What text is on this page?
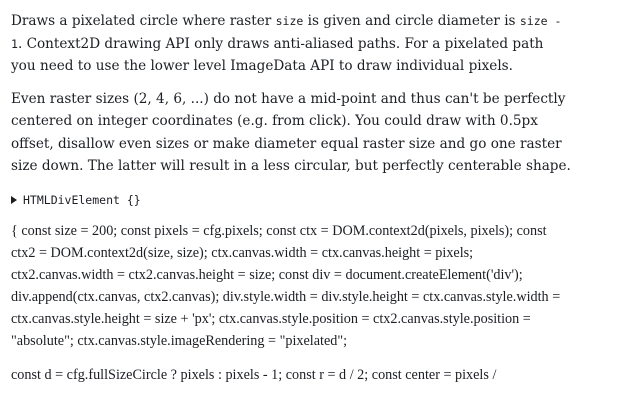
Draws a pixelated circle where raster size is given and circle diameter is size - 1. Context2D drawing API only draws anti-aliased paths. For a pixelated path you need to use the lower level ImageData API to draw individual pixels.

Even raster sizes (2, 4, 6, ...) do not have a mid-point and thus can't be perfectly centered on integer coordinates (e.g. from click). You could draw with 0.5px offset, disallow even sizes or make diameter equal raster size and go one raster size down. The latter will result in a less circular, but perfectly centerable shape.

HTMLDivElement {}
{ const size = 200; const pixels = cfg.pixels; const ctx = DOM.context2d(pixels, pixels); const ctx2 = DOM.context2d(size, size); ctx.canvas.width = ctx.canvas.height = pixels; ctx2.canvas.width = ctx2.canvas.height = size; const div = document.createElement('div'); div.append(ctx.canvas, ctx2.canvas); div.style.width = div.style.height = ctx.canvas.style.width = ctx.canvas.style.height = size + 'px'; ctx.canvas.style.position = ctx2.canvas.style.position = "absolute"; ctx.canvas.style.imageRendering = "pixelated";
const d = cfg.fullSizeCircle ? pixels : pixels - 1; const r = d / 2; const center = pixels /
